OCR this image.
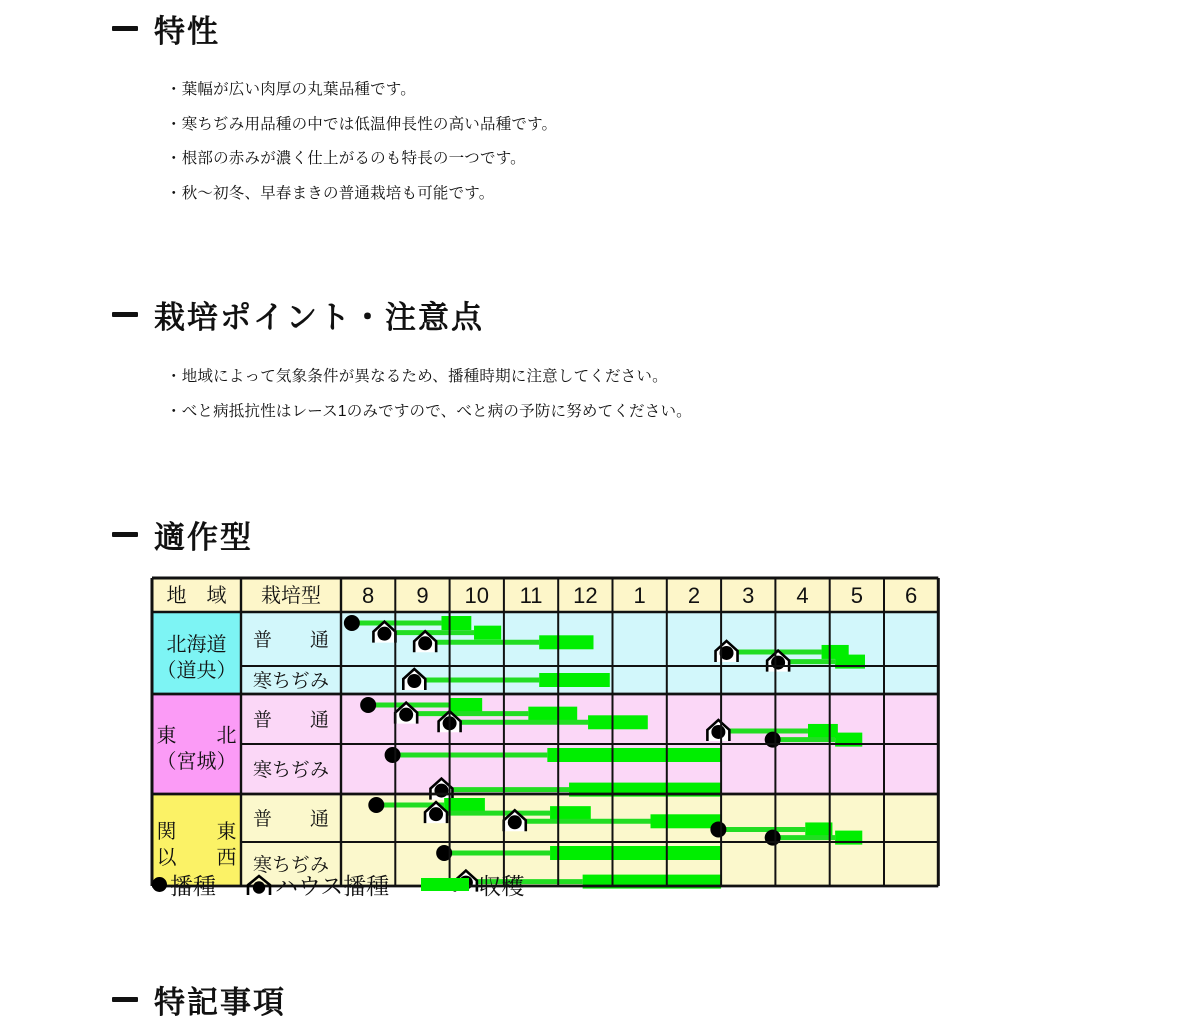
特性
・葉幅が広い肉厚の丸葉品種です。
・寒ちぢみ用品種の中では低温伸長性の高い品種です。
・根部の赤みが濃く仕上がるのも特長の一つです。
・秋〜初冬、早春まきの普通栽培も可能です。
栽培ポイント・注意点
・地域によって気象条件が異なるため、播種時期に注意してください。
・べと病抵抗性はレース1のみですので、べと病の予防に努めてください。
適作型
地　域 栽培型 8 9 10 11 12 1 2 3 4 5 6
北海道
（道央）
普　　通
寒ちぢみ
東　　北
（宮城）
普　　通
寒ちぢみ
関　　東
以　　西
普　　通
寒ちぢみ
播種	ハウス播種	収穫
特記事項
